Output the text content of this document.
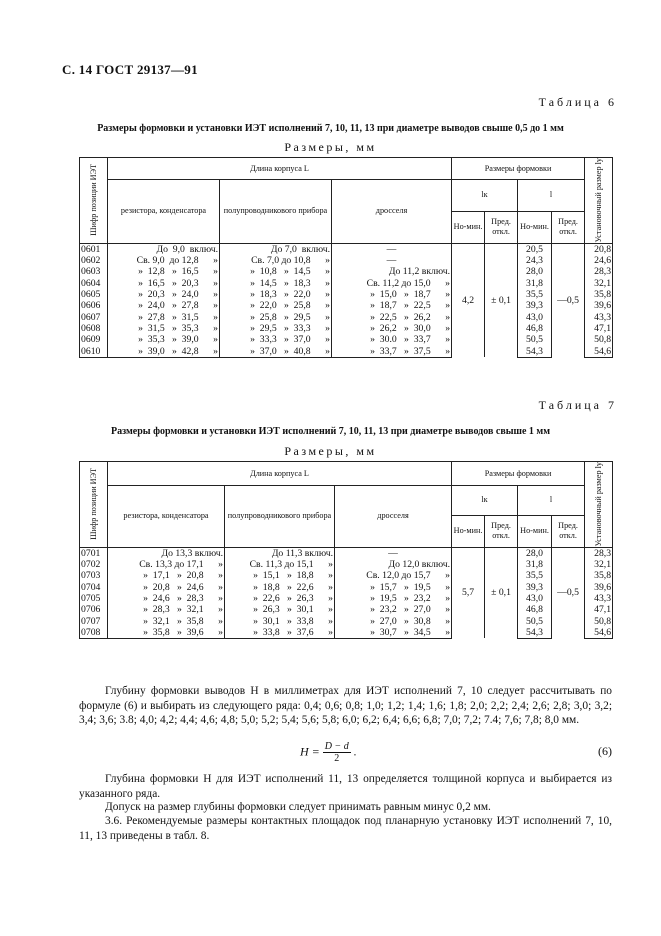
С. 14 ГОСТ 29137—91
Таблица 6
Размеры формовки и установки ИЭТ исполнений 7, 10, 11, 13 при диаметре выводов свыше 0,5 до 1 мм
Размеры, мм
Шифр позиции ИЭТ	Длина корпуса L			Размеры формовки				Установочный размер lу

	резистора, конденсатора	полупроводникового прибора	дросселя	lк		l		
				Но-мин.	Пред. откл.	Но-мин.	Пред. откл.	
0601	До  9,0  включ.	До 7,0  включ.	—	4,2	± 0,1	20,5	—0,5	20,8
0602	Св. 9,0  до 12,8      »	Св. 7,0 до 10,8      »	—			24,3		24,6
0603	»  12,8   »  16,5      »	»  10,8   »  14,5      »	До 11,2 включ.			28,0		28,3
0604	»  16,5   »  20,3      »	»  14,5   »  18,3      »	Св. 11,2 до 15,0      »			31,8		32,1
0605	»  20,3   »  24,0      »	»  18,3   »  22,0      »	»  15,0   »  18,7      »			35,5		35,8
0606	»  24,0   »  27,8      »	»  22,0   »  25,8      »	»  18,7   »  22,5      »			39,3		39,6
0607	»  27,8   »  31,5      »	»  25,8   »  29,5      »	»  22,5   »  26,2      »			43,0		43,3
0608	»  31,5   »  35,3      »	»  29,5   »  33,3      »	»  26,2   »  30,0      »			46,8		47,1
0609	»  35,3   »  39,0      »	»  33,3   »  37,0      »	»  30.0   »  33,7      »			50,5		50,8
0610	»  39,0   »  42,8      »	»  37,0   »  40,8      »	»  33,7   »  37,5      »			54,3		54,6
Таблица 7
Размеры формовки и установки ИЭТ исполнений 7, 10, 11, 13 при диаметре выводов свыше 1 мм
Размеры, мм
Шифр позиции ИЭТ	Длина корпуса L			Размеры формовки				Установочный размер lу

	резистора, конденсатора	полупроводникового прибора	дросселя	lк		l		
				Но-мин.	Пред. откл.	Но-мин.	Пред. откл.	
0701	До 13,3 включ.	До 11,3 включ.	—	5,7	± 0,1	28,0	—0,5	28,3
0702	Св. 13,3 до 17,1      »	Св. 11,3 до 15,1      »	До 12,0 включ.			31,8		32,1
0703	»  17,1   »  20,8      »	»  15,1   »  18,8      »	Св. 12,0 до 15,7      »			35,5		35,8
0704	»  20,8   »  24,6      »	»  18,8   »  22,6      »	»  15,7   »  19,5      »			39,3		39,6
0705	»  24,6   »  28,3      »	»  22,6   »  26,3      »	»  19,5   »  23,2      »			43,0		43,3
0706	»  28,3   »  32,1      »	»  26,3   »  30,1      »	»  23,2   »  27,0      »			46,8		47,1
0707	»  32,1   »  35,8      »	»  30,1   »  33,8      »	»  27,0   »  30,8      »			50,5		50,8
0708	»  35,8   »  39,6      »	»  33,8   »  37,6      »	»  30,7   »  34,5      »			54,3		54,6
Глубину формовки выводов H в миллиметрах для ИЭТ исполнений 7, 10 следует рассчитывать по формуле (6) и выбирать из следующего ряда: 0,4; 0,6; 0,8; 1,0; 1,2; 1,4; 1,6; 1,8; 2,0; 2,2; 2,4; 2,6; 2,8; 3,0; 3,2; 3,4; 3,6; 3.8; 4,0; 4,2; 4,4; 4,6; 4,8; 5,0; 5,2; 5,4; 5,6; 5,8; 6,0; 6,2; 6,4; 6,6; 6,8; 7,0; 7,2; 7.4; 7,6; 7,8; 8,0 мм.
$H = \frac{D - d}{2}$ .	(6)
Глубина формовки H для ИЭТ исполнений 11, 13 определяется толщиной корпуса и выбирается из указанного ряда.
Допуск на размер глубины формовки следует принимать равным минус 0,2 мм.
3.6. Рекомендуемые размеры контактных площадок под планарную установку ИЭТ исполнений 7, 10, 11, 13 приведены в табл. 8.
